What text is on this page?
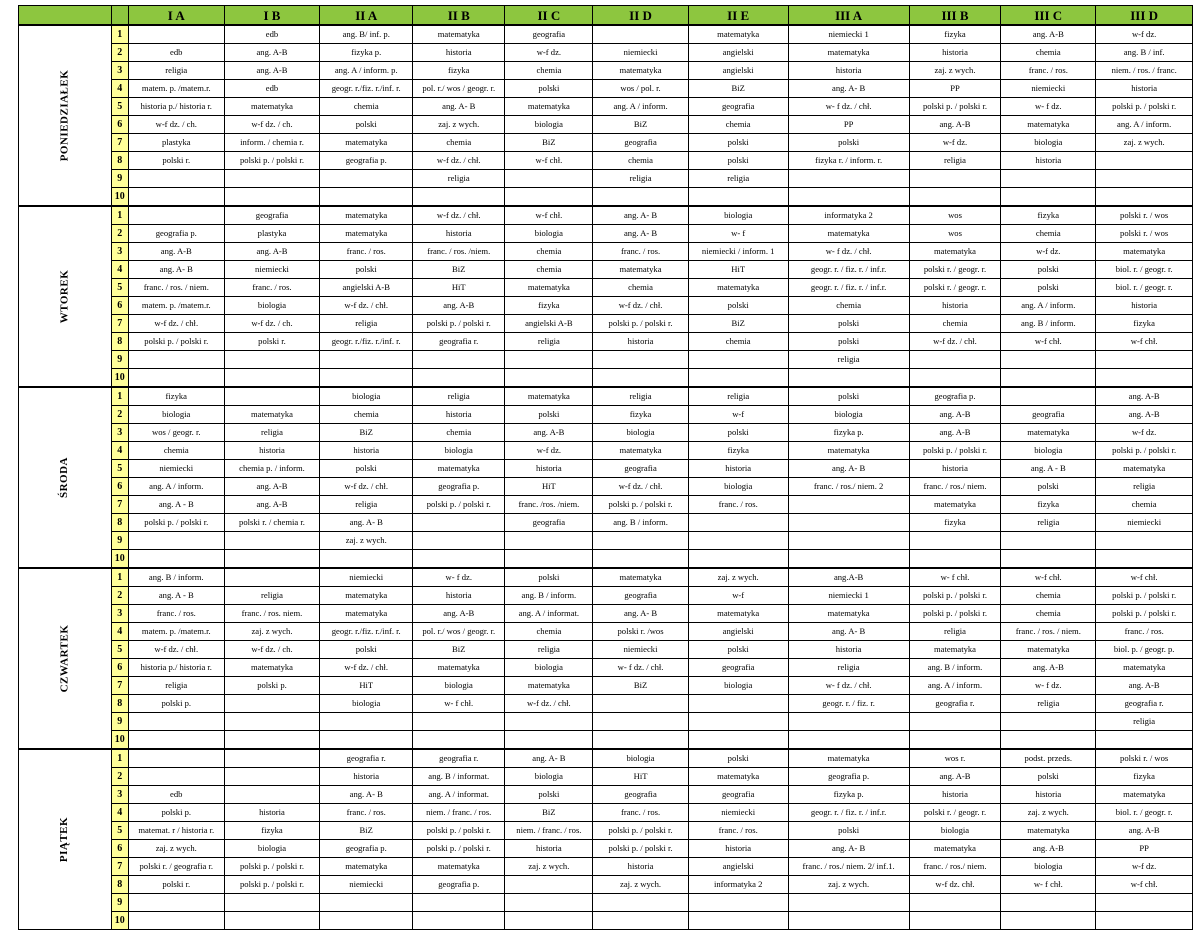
		I A	I B	II A	II B	II C	II D	II E	III A	III B	III C	III D
PONIEDZIAŁEK	1		edb	ang. B/ inf. p.	matematyka	geografia		matematyka	niemiecki 1	fizyka	ang. A-B	w-f dz.
	2	edb	ang. A-B	fizyka p.	historia	w-f dz.	niemiecki	angielski	matematyka	historia	chemia	ang. B / inf.
	3	religia	ang. A-B	ang. A / inform. p.	fizyka	chemia	matematyka	angielski	historia	zaj. z wych.	franc. / ros.	niem. / ros. / franc.
	4	matem. p. /matem.r.	edb	geogr. r./fiz. r./inf. r.	pol. r./ wos / geogr. r.	polski	wos / pol. r.	BiZ	ang. A- B	PP	niemiecki	historia
	5	historia p./ historia r.	matematyka	chemia	ang. A- B	matematyka	ang. A / inform.	geografia	w- f dz. / chł.	polski p. / polski r.	w- f dz.	polski p. / polski r.
	6	w-f dz. / ch.	w-f dz. / ch.	polski	zaj. z wych.	biologia	BiZ	chemia	PP	ang. A-B	matematyka	ang. A / inform.
	7	plastyka	inform. / chemia r.	matematyka	chemia	BiZ	geografia	polski	polski	w-f dz.	biologia	zaj. z wych.
	8	polski r.	polski p. / polski r.	geografia p.	w-f dz. / chł.	w-f chł.	chemia	polski	fizyka r. / inform. r.	religia	historia	
	9				religia		religia	religia				
	10											
WTOREK	1		geografia	matematyka	w-f dz. / chł.	w-f chł.	ang. A- B	biologia	informatyka 2	wos	fizyka	polski r. / wos
	2	geografia p.	plastyka	matematyka	historia	biologia	ang. A- B	w- f	matematyka	wos	chemia	polski r. / wos
	3	ang. A-B	ang. A-B	franc. / ros.	franc. / ros. /niem.	chemia	franc. / ros.	niemiecki / inform. 1	w- f dz. / chł.	matematyka	w-f dz.	matematyka
	4	ang. A- B	niemiecki	polski	BiZ	chemia	matematyka	HiT	geogr. r. / fiz. r. / inf.r.	polski r. / geogr. r.	polski	biol. r. / geogr. r.
	5	franc. / ros. / niem.	franc. / ros.	angielski A-B	HiT	matematyka	chemia	matematyka	geogr. r. / fiz. r. / inf.r.	polski r. / geogr. r.	polski	biol. r. / geogr. r.
	6	matem. p. /matem.r.	biologia	w-f dz. / chł.	ang. A-B	fizyka	w-f dz. / chł.	polski	chemia	historia	ang. A / inform.	historia
	7	w-f dz. / chł.	w-f dz. / ch.	religia	polski p. / polski r.	angielski A-B	polski p. / polski r.	BiZ	polski	chemia	ang. B / inform.	fizyka
	8	polski p. / polski r.	polski r.	geogr. r./fiz. r./inf. r.	geografia r.	religia	historia	chemia	polski	w-f dz. / chł.	w-f chł.	w-f chł.
	9								religia			
	10											
ŚRODA	1	fizyka		biologia	religia	matematyka	religia	religia	polski	geografia p.		ang. A-B
	2	biologia	matematyka	chemia	historia	polski	fizyka	w-f	biologia	ang. A-B	geografia	ang. A-B
	3	wos / geogr. r.	religia	BiZ	chemia	ang. A-B	biologia	polski	fizyka p.	ang. A-B	matematyka	w-f dz.
	4	chemia	historia	historia	biologia	w-f dz.	matematyka	fizyka	matematyka	polski p. / polski r.	biologia	polski p. / polski r.
	5	niemiecki	chemia p. / inform.	polski	matematyka	historia	geografia	historia	ang. A- B	historia	ang. A - B	matematyka
	6	ang. A / inform.	ang. A-B	w-f dz. / chł.	geografia p.	HiT	w-f dz. / chł.	biologia	franc. / ros./ niem. 2	franc. / ros./ niem.	polski	religia
	7	ang. A - B	ang. A-B	religia	polski p. / polski r.	franc. /ros. /niem.	polski p. / polski r.	franc. / ros.		matematyka	fizyka	chemia
	8	polski p. / polski r.	polski r. / chemia r.	ang. A- B		geografia	ang. B / inform.			fizyka	religia	niemiecki
	9			zaj. z wych.								
	10											
CZWARTEK	1	ang. B / inform.		niemiecki	w- f dz.	polski	matematyka	zaj. z wych.	ang.A-B	w- f chł.	w-f chł.	w-f chł.
	2	ang. A - B	religia	matematyka	historia	ang. B / inform.	geografia	w-f	niemiecki 1	polski p. / polski r.	chemia	polski p. / polski r.
	3	franc. / ros.	franc. / ros. niem.	matematyka	ang. A-B	ang. A / informat.	ang. A- B	matematyka	matematyka	polski p. / polski r.	chemia	polski p. / polski r.
	4	matem. p. /matem.r.	zaj. z wych.	geogr. r./fiz. r./inf. r.	pol. r./ wos / geogr. r.	chemia	polski r. /wos	angielski	ang. A- B	religia	franc. / ros. / niem.	franc. / ros.
	5	w-f dz. / chł.	w-f dz. / ch.	polski	BiZ	religia	niemiecki	polski	historia	matematyka	matematyka	biol. p. / geogr. p.
	6	historia p./ historia r.	matematyka	w-f dz. / chł.	matematyka	biologia	w- f dz. / chł.	geografia	religia	ang. B / inform.	ang. A-B	matematyka
	7	religia	polski p.	HiT	biologia	matematyka	BiZ	biologia	w- f dz. / chł.	ang. A / inform.	w- f dz.	ang. A-B
	8	polski p.		biologia	w- f chł.	w-f dz. / chł.			geogr. r. / fiz. r.	geografia r.	religia	geografia r.
	9											religia
	10											
PIĄTEK	1			geografia r.	geografia r.	ang. A- B	biologia	polski	matematyka	wos r.	podst. przeds.	polski r. / wos
	2			historia	ang. B / informat.	biologia	HiT	matematyka	geografia p.	ang. A-B	polski	fizyka
	3	edb		ang. A- B	ang. A / informat.	polski	geografia	geografia	fizyka p.	historia	historia	matematyka
	4	polski p.	historia	franc. / ros.	niem. / franc. / ros.	BiZ	franc. / ros.	niemiecki	geogr. r. / fiz. r. / inf.r.	polski r. / geogr. r.	zaj. z wych.	biol. r. / geogr. r.
	5	matemat. r / historia r.	fizyka	BiZ	polski p. / polski r.	niem. / franc. / ros.	polski p. / polski r.	franc. / ros.	polski	biologia	matematyka	ang. A-B
	6	zaj. z wych.	biologia	geografia p.	polski p. / polski r.	historia	polski p. / polski r.	historia	ang. A- B	matematyka	ang. A-B	PP
	7	polski r. / geografia r.	polski p. / polski r.	matematyka	matematyka	zaj. z wych.	historia	angielski	franc. / ros./ niem. 2/ inf.1.	franc. / ros./ niem.	biologia	w-f dz.
	8	polski r.	polski p. / polski r.	niemiecki	geografia p.		zaj. z wych.	informatyka 2	zaj. z wych.	w-f dz. chł.	w- f chł.	w-f chł.
	9											
	10											
